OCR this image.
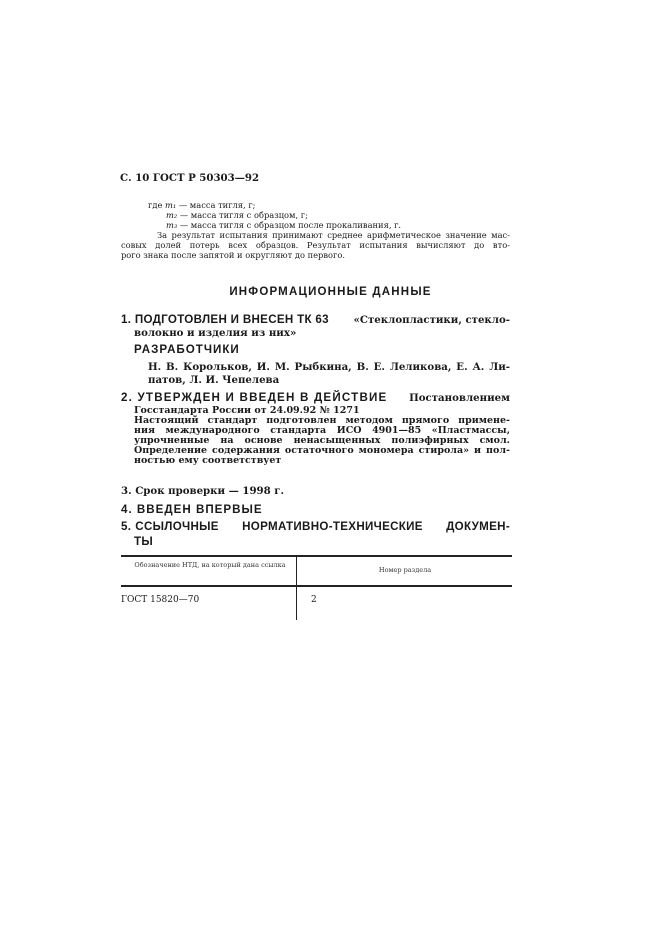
С. 10 ГОСТ Р 50303—92
где m₁ — масса тигля, г;
m₂ — масса тигля с образцом, г;
m₃ — масса тигля с образцом после прокаливания, г.
За результат испытания принимают среднее арифметическое значение мас-
совых долей потерь всех образцов. Результат испытания вычисляют до вто-
рого знака после запятой и округляют до первого.
ИНФОРМАЦИОННЫЕ ДАННЫЕ
1. ПОДГОТОВЛЕН И ВНЕСЕН ТК 63 «Стеклопластики, стекло-
волокно и изделия из них»
РАЗРАБОТЧИКИ
Н. В. Корольков, И. М. Рыбкина, В. Е. Леликова, Е. А. Ли-
патов, Л. И. Чепелева
2. УТВЕРЖДЕН И ВВЕДЕН В ДЕЙСТВИЕ Постановлением
Госстандарта России от 24.09.92 № 1271
Настоящий стандарт подготовлен методом прямого примене-
ния международного стандарта ИСО 4901—85 «Пластмассы,
упрочненные на основе ненасыщенных полиэфирных смол.
Определение содержания остаточного мономера стирола» и пол-
ностью ему соответствует
3. Срок проверки — 1998 г.
4. ВВЕДЕН ВПЕРВЫЕ
5. ССЫЛОЧНЫЕ НОРМАТИВНО-ТЕХНИЧЕСКИЕ ДОКУМЕН-
ТЫ
Обозначение НТД, на который дана ссылка
Номер раздела
ГОСТ 15820—70	2
